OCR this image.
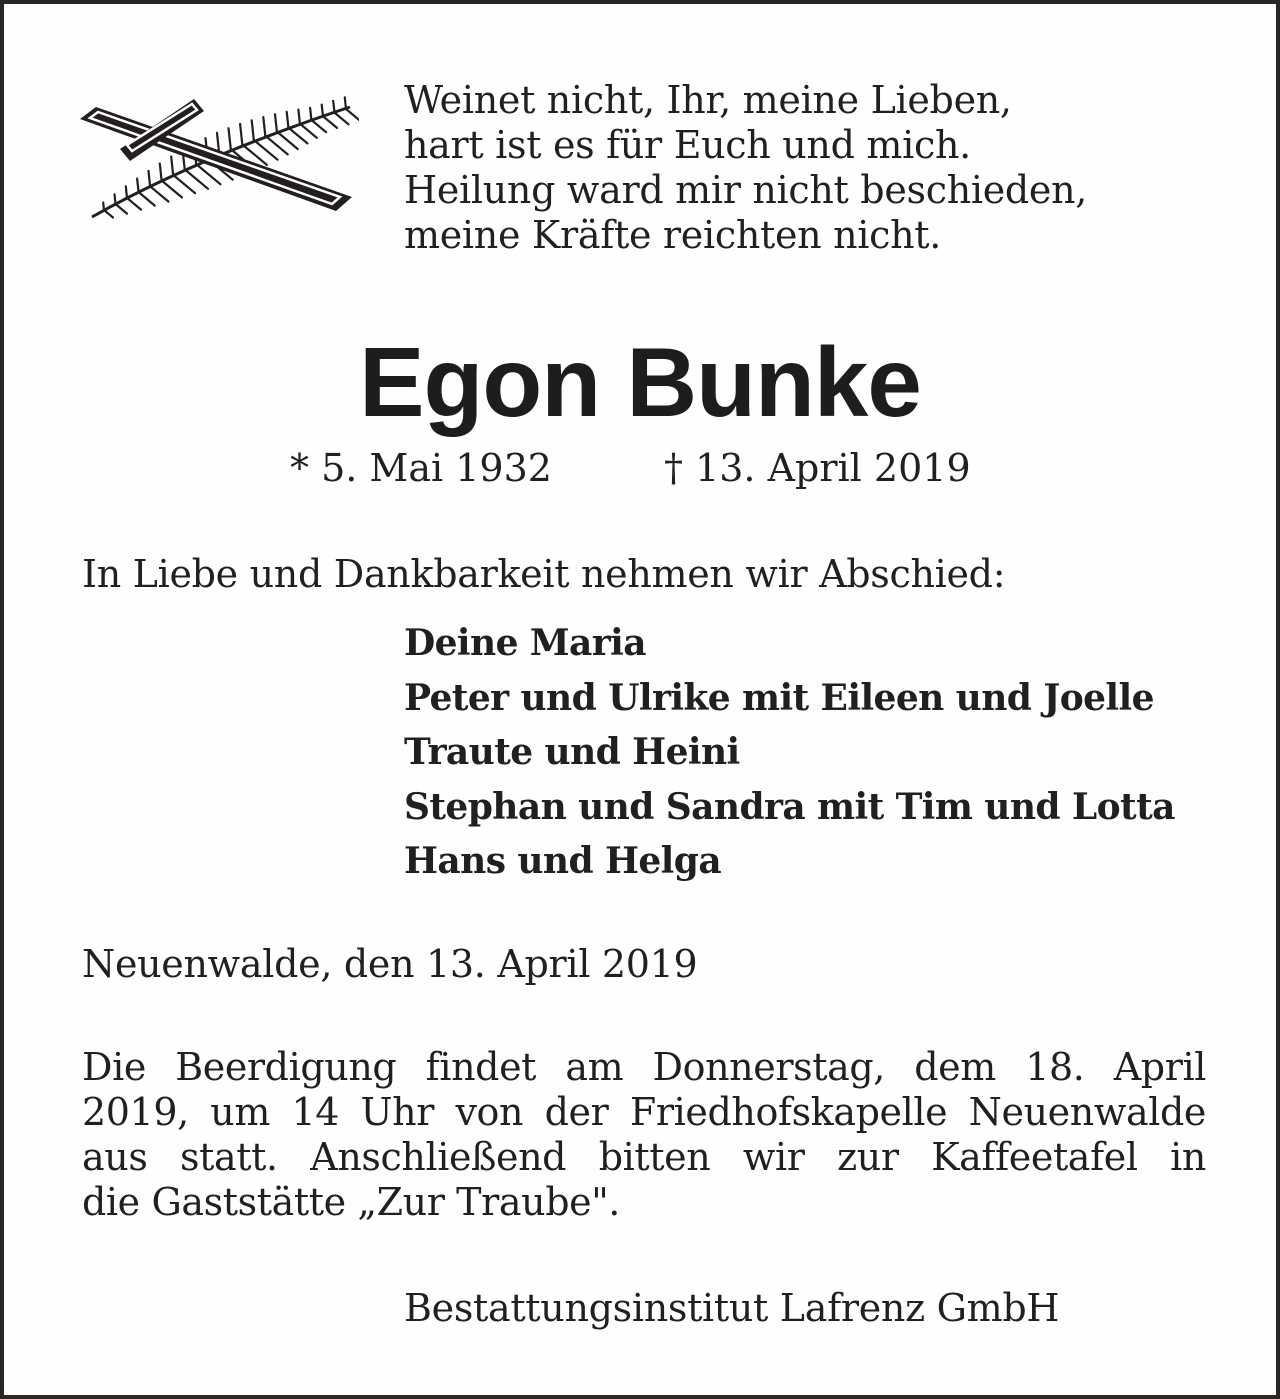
Weinet nicht, Ihr, meine Lieben,
hart ist es für Euch und mich.
Heilung ward mir nicht beschieden,
meine Kräfte reichten nicht.
Egon Bunke
* 5. Mai 1932	† 13. April 2019
In Liebe und Dankbarkeit nehmen wir Abschied:
Deine Maria
Peter und Ulrike mit Eileen und Joelle
Traute und Heini
Stephan und Sandra mit Tim und Lotta
Hans und Helga
Neuenwalde, den 13. April 2019
Die Beerdigung findet am Donnerstag, dem 18. April
2019, um 14 Uhr von der Friedhofskapelle Neuenwalde
aus statt. Anschließend bitten wir zur Kaffeetafel in
die Gaststätte „Zur Traube".
Bestattungsinstitut Lafrenz GmbH
